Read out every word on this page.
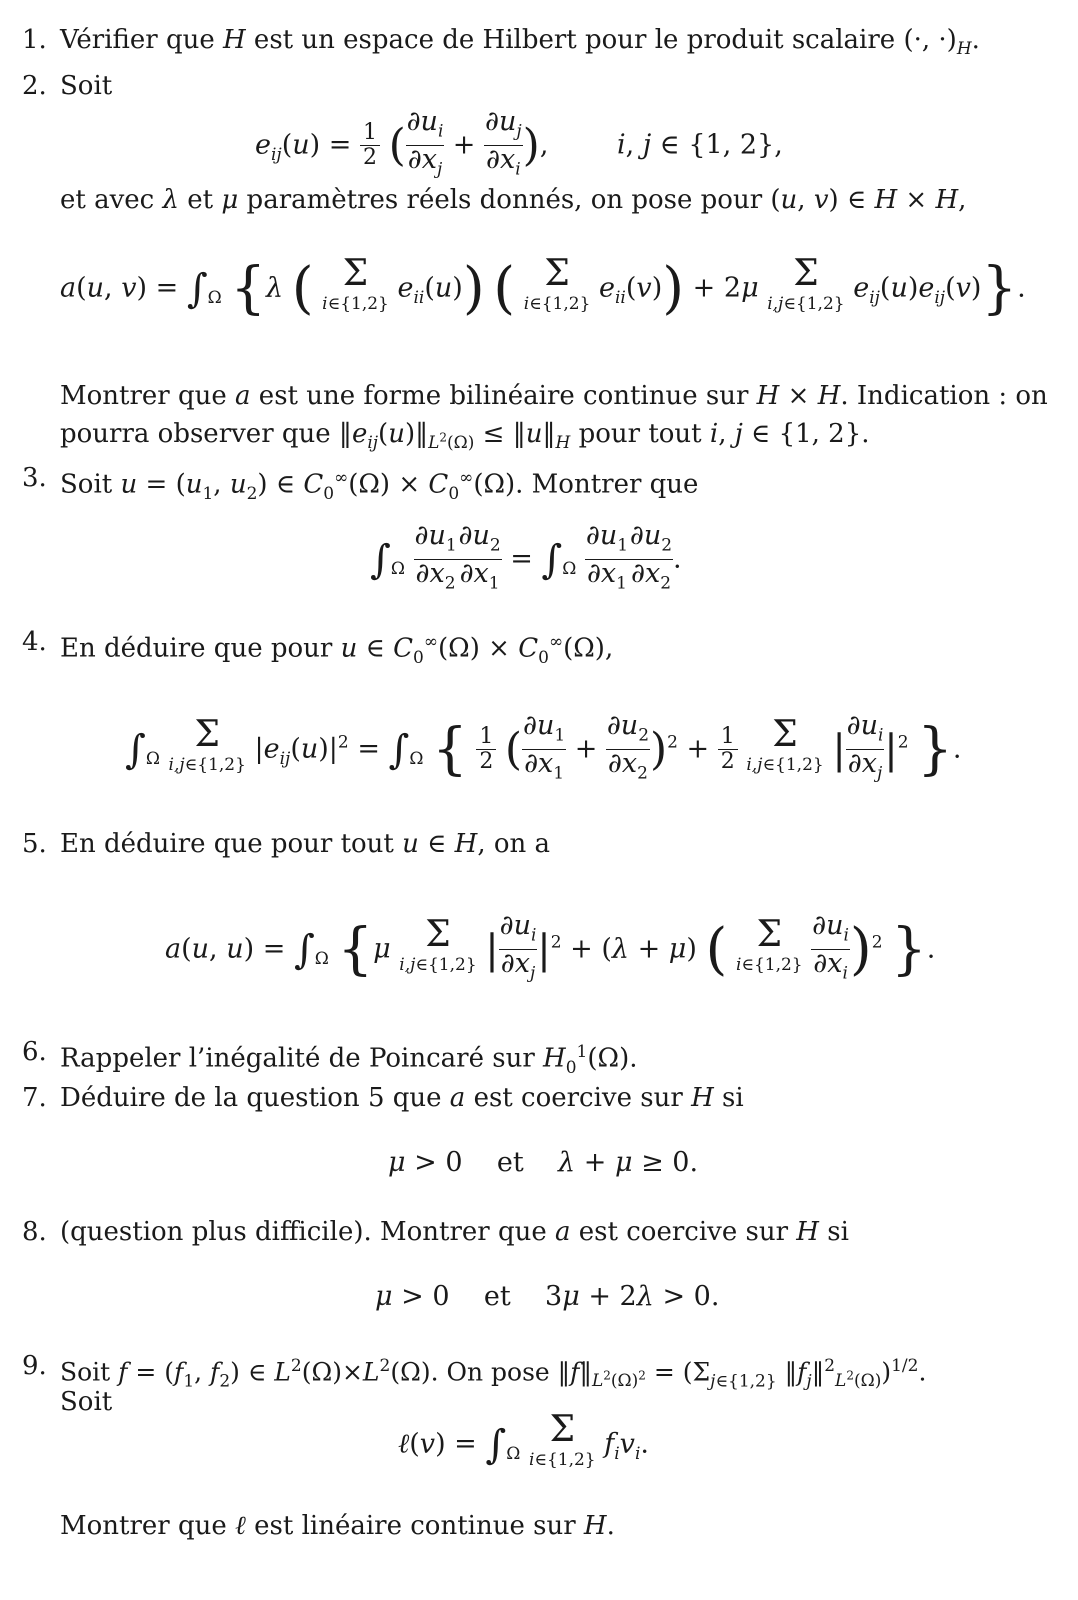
1. Vérifier que H est un espace de Hilbert pour le produit scalaire (·, $\cdot)_H$.
2. Soit
$e_{ij}(u) = 1$
2 ($\partial u_i$
$\partial x_j + \partial u_j$
$\partial x_i$), i, j ∈ {1, 2},
et avec λ et μ paramètres réels donnés, on pose pour (u, v) ∈ H × H,
a(u, $v) = \int_\Omega$ {λ ( Σ
i∈{1,2} $e_{ii}(u)$) ( Σ
i∈{1,2} $e_{ii}(v)) + 2\mu$ Σ
i,j∈{1,2} $e_{ij}(u)e_{ij}(v)$}.
Montrer que a est une forme bilinéaire continue sur H × H. Indication : on
pourra observer que $‖e_{ij}(u)‖_{L^2(\Omega)}$ ≤ $‖u‖_H$ pour tout i, j ∈ {1, 2}.
3. Soit $u = (u_1$, $u_2$) ∈ $C_0^\infty(\Omega) \times C_0^\infty(\Omega)$. Montrer que
$\int_\Omega$ $\partial u_1$
$\partial x_2\partial u_2$
$\partial x_1 = \int_\Omega$ $\partial u_1$
$\partial x_1\partial u_2$
$\partial x_2$.
4. En déduire que pour u ∈ $C_0^\infty(\Omega) \times C_0^\infty(\Omega)$,
$\int_\Omega$ Σ
i,j∈{1,2} $|e_{ij}(u)|^2 = \int_\Omega$ { 1
2 ($\partial u_1$
$\partial x_1 + \partial u_2$
$\partial x_2)^2 + 1$
2 Σ
i,j∈{1,2} $|\partial u_i$
$\partial x_j|^2$ }.
5. En déduire que pour tout u ∈ H, on a
a(u, $u) = \int_\Omega$ {μ Σ
i,j∈{1,2} $|\partial u_i$
$\partial x_j|^2 + (\lambda + \mu)$ ( Σ
i∈{1,2} $\partial u_i$
$\partial x_i)^2$ }.
6. Rappeler l’inégalité de Poincaré sur $H_0^1(\Omega)$.
7. Déduire de la question 5 que a est coercive sur H si
μ > 0    et    λ + μ ≥ 0.
8. (question plus difficile). Montrer que a est coercive sur H si
μ > 0    et    3μ + 2λ > 0.
9. Soit $f = (f_1$, $f_2$) ∈ $L^2(\Omega)\times L^2(\Omega)$. On pose $‖f‖_{L^2(\Omega)^2} = (\Sigma_{j\in\{1,2\}}$ $‖f_j‖^2_{L^2(\Omega)})^{1/2}$.
Soit
ℓ(v) = $\int_\Omega$ Σ
i∈{1,2} $f_iv_i$.
Montrer que ℓ est linéaire continue sur H.
